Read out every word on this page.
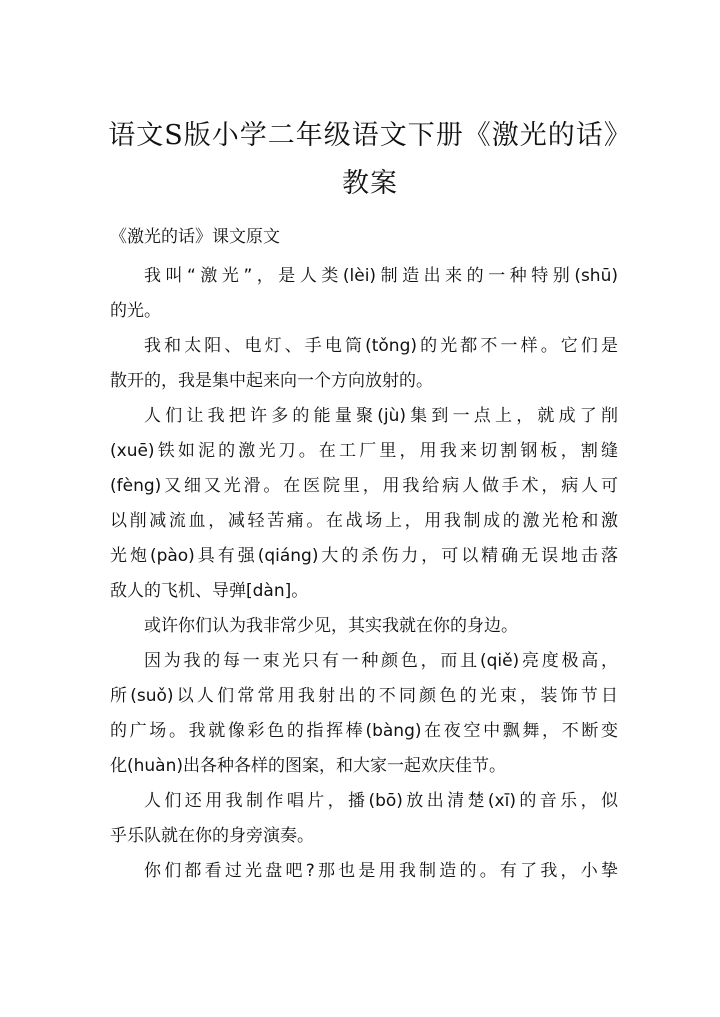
语文S版小学二年级语文下册《激光的话》
教案
《激光的话》课文原文
我叫“激光”，是人类(lèi)制造出来的一种特别(shū)
的光。
我和太阳、电灯、手电筒(tǒng)的光都不一样。它们是
散开的，我是集中起来向一个方向放射的。
人们让我把许多的能量聚(jù)集到一点上，就成了削
(xuē)铁如泥的激光刀。在工厂里，用我来切割钢板，割缝
(fèng)又细又光滑。在医院里，用我给病人做手术，病人可
以削减流血，减轻苦痛。在战场上，用我制成的激光枪和激
光炮(pào)具有强(qiáng)大的杀伤力，可以精确无误地击落
敌人的飞机、导弹[dàn]。
或许你们认为我非常少见，其实我就在你的身边。
因为我的每一束光只有一种颜色，而且(qiě)亮度极高，
所(suǒ)以人们常常用我射出的不同颜色的光束，装饰节日
的广场。我就像彩色的指挥棒(bàng)在夜空中飘舞，不断变
化(huàn)出各种各样的图案，和大家一起欢庆佳节。
人们还用我制作唱片，播(bō)放出清楚(xī)的音乐，似
乎乐队就在你的身旁演奏。
你们都看过光盘吧?那也是用我制造的。有了我，小挚
